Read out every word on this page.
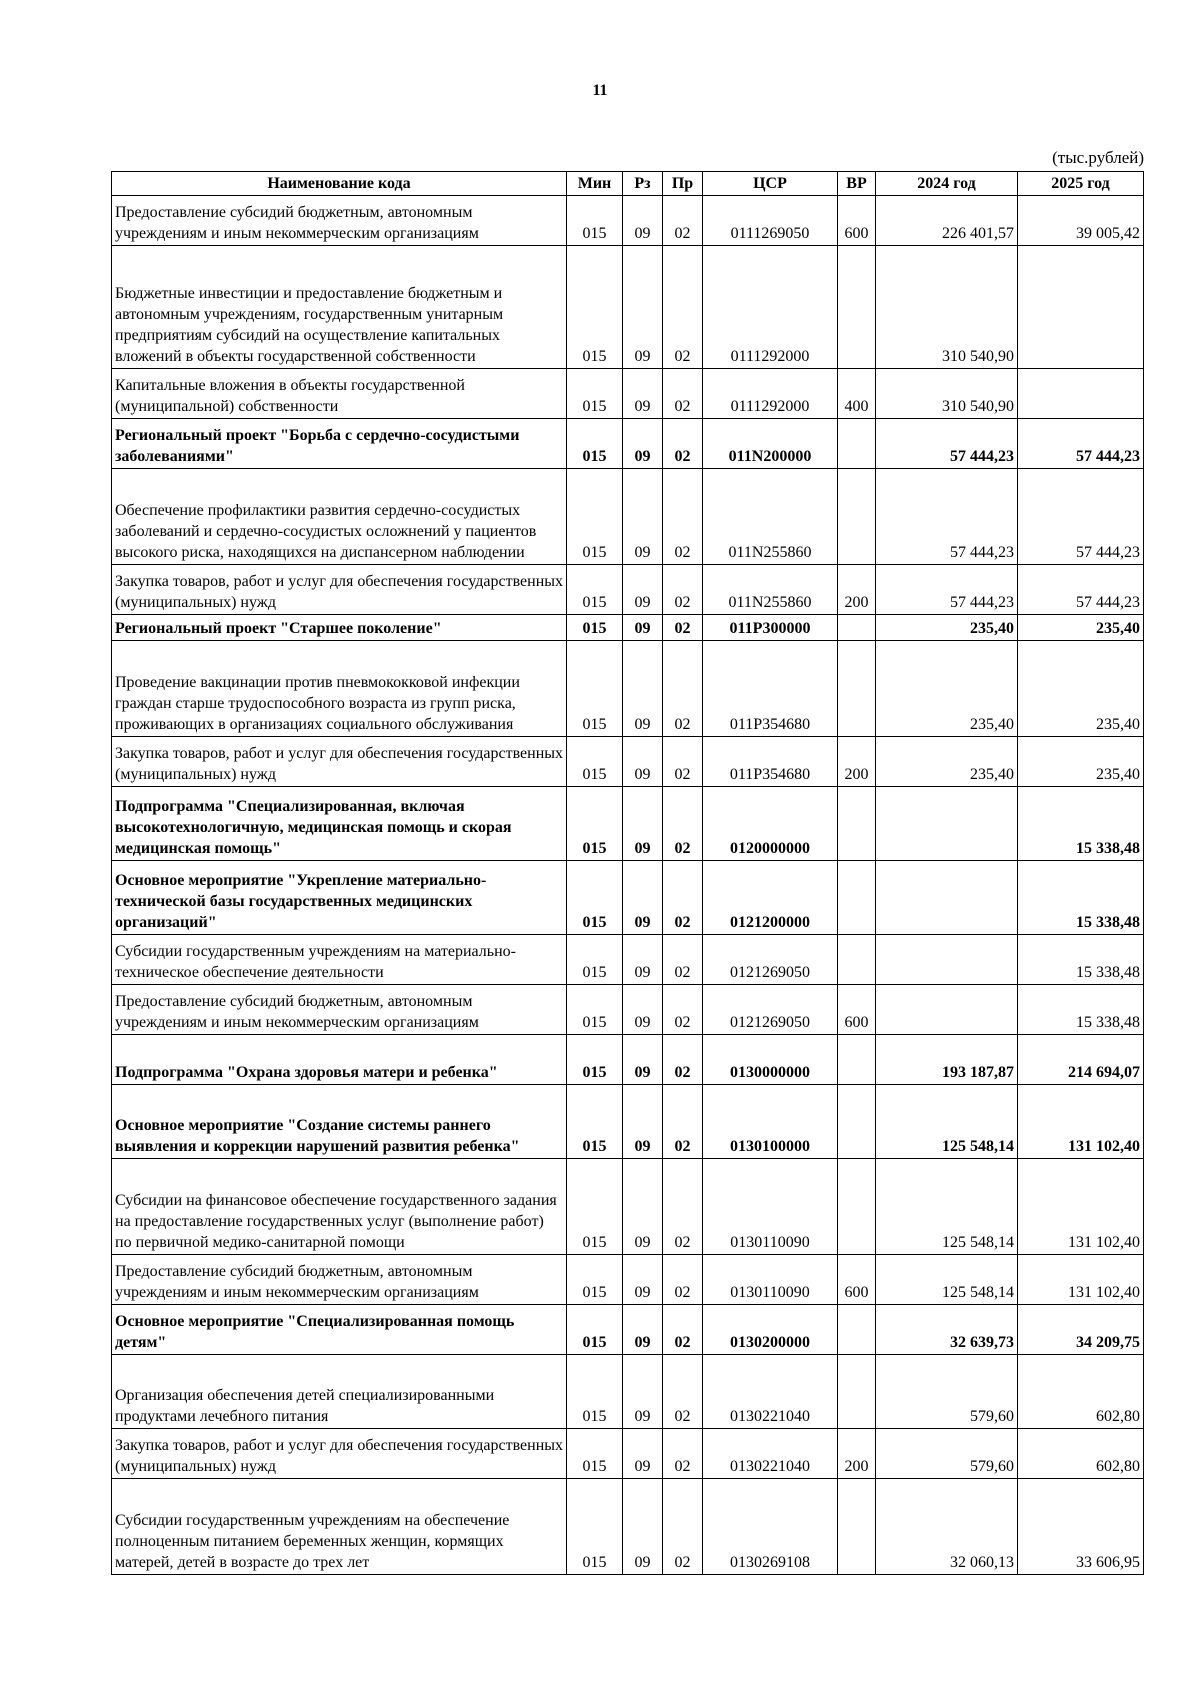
11
(тыс.рублей)
Наименование кода	Мин	Рз	Пр	ЦСР	ВР	2024 год	2025 год
Предоставление субсидий бюджетным, автономным учреждениям и иным некоммерческим организациям	015	09	02	0111269050	600	226 401,57	39 005,42
Бюджетные инвестиции и предоставление бюджетным и автономным учреждениям, государственным унитарным предприятиям субсидий на осуществление капитальных вложений в объекты государственной собственности	015	09	02	0111292000		310 540,90	
Капитальные вложения в объекты государственной (муниципальной) собственности	015	09	02	0111292000	400	310 540,90	
Региональный проект "Борьба с сердечно-сосудистыми заболеваниями"	015	09	02	011N200000		57 444,23	57 444,23
Обеспечение профилактики развития сердечно-сосудистых заболеваний и сердечно-сосудистых осложнений у пациентов высокого риска, находящихся на диспансерном наблюдении	015	09	02	011N255860		57 444,23	57 444,23
Закупка товаров, работ и услуг для обеспечения государственных (муниципальных) нужд	015	09	02	011N255860	200	57 444,23	57 444,23
Региональный проект "Старшее поколение"	015	09	02	011P300000		235,40	235,40
Проведение вакцинации против пневмококковой инфекции граждан старше трудоспособного возраста из групп риска, проживающих в организациях социального обслуживания	015	09	02	011P354680		235,40	235,40
Закупка товаров, работ и услуг для обеспечения государственных (муниципальных) нужд	015	09	02	011P354680	200	235,40	235,40
Подпрограмма "Специализированная, включая высокотехнологичную, медицинская помощь и скорая медицинская помощь"	015	09	02	0120000000			15 338,48
Основное мероприятие "Укрепление материально-технической базы государственных медицинских организаций"	015	09	02	0121200000			15 338,48
Субсидии государственным учреждениям на материально-техническое обеспечение деятельности	015	09	02	0121269050			15 338,48
Предоставление субсидий бюджетным, автономным учреждениям и иным некоммерческим организациям	015	09	02	0121269050	600		15 338,48
Подпрограмма "Охрана здоровья матери и ребенка"	015	09	02	0130000000		193 187,87	214 694,07
Основное мероприятие "Создание системы раннего выявления и коррекции нарушений развития ребенка"	015	09	02	0130100000		125 548,14	131 102,40
Субсидии на финансовое обеспечение государственного задания на предоставление государственных услуг (выполнение работ) по первичной медико-санитарной помощи	015	09	02	0130110090		125 548,14	131 102,40
Предоставление субсидий бюджетным, автономным учреждениям и иным некоммерческим организациям	015	09	02	0130110090	600	125 548,14	131 102,40
Основное мероприятие "Специализированная помощь детям"	015	09	02	0130200000		32 639,73	34 209,75
Организация обеспечения детей специализированными продуктами лечебного питания	015	09	02	0130221040		579,60	602,80
Закупка товаров, работ и услуг для обеспечения государственных (муниципальных) нужд	015	09	02	0130221040	200	579,60	602,80
Субсидии государственным учреждениям на обеспечение полноценным питанием беременных женщин, кормящих матерей, детей в возрасте до трех лет	015	09	02	0130269108		32 060,13	33 606,95
